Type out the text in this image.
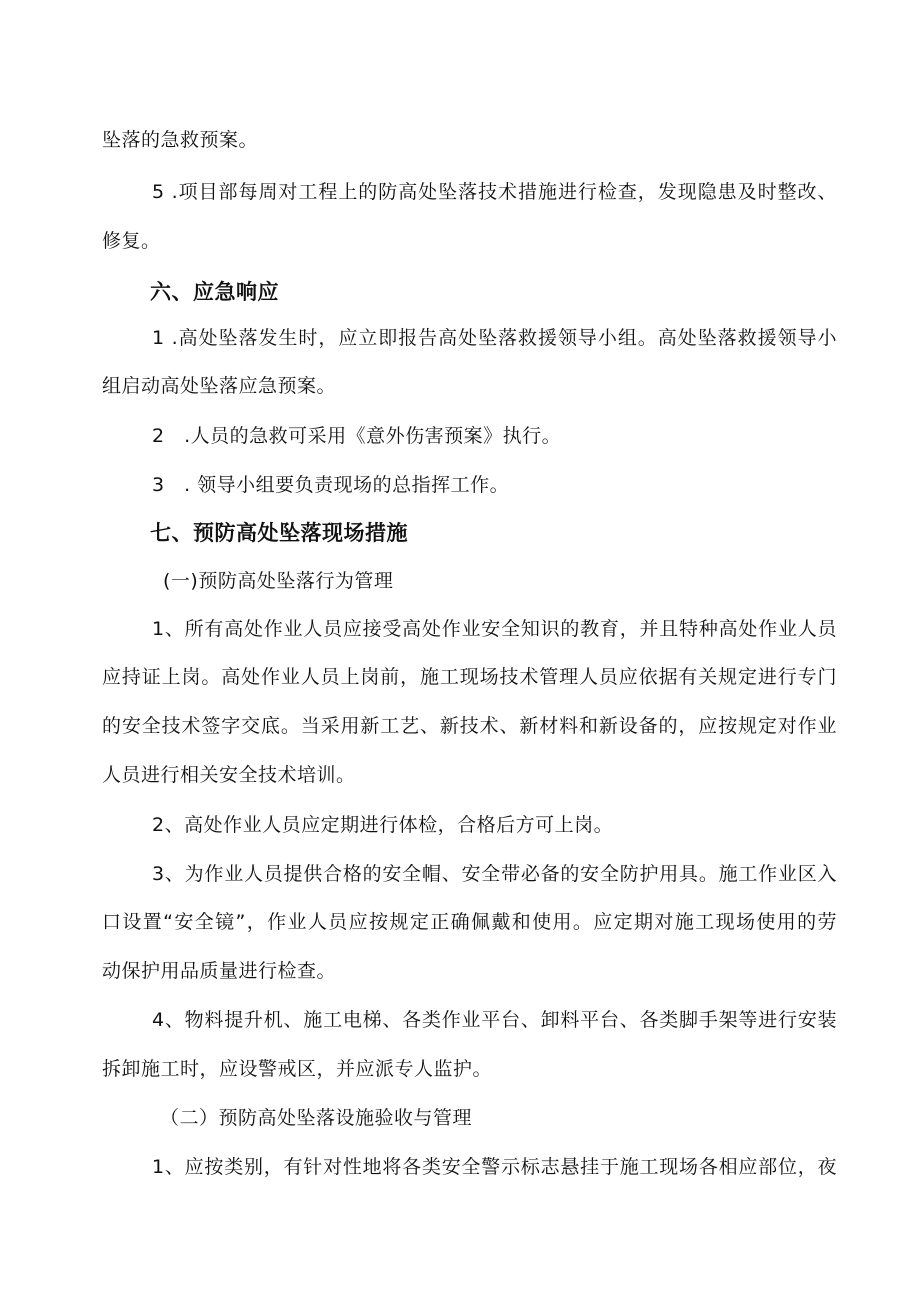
坠落的急救预案。
5 .项目部每周对工程上的防高处坠落技术措施进行检查，发现隐患及时整改、
修复。
六、应急响应
1 .高处坠落发生时，应立即报告高处坠落救援领导小组。高处坠落救援领导小
组启动高处坠落应急预案。
2　.人员的急救可采用《意外伤害预案》执行。
3　. 领导小组要负责现场的总指挥工作。
七、预防高处坠落现场措施
(一)预防高处坠落行为管理
1、所有高处作业人员应接受高处作业安全知识的教育，并且特种高处作业人员
应持证上岗。高处作业人员上岗前，施工现场技术管理人员应依据有关规定进行专门
的安全技术签字交底。当采用新工艺、新技术、新材料和新设备的，应按规定对作业
人员进行相关安全技术培训。
2、高处作业人员应定期进行体检，合格后方可上岗。
3、为作业人员提供合格的安全帽、安全带必备的安全防护用具。施工作业区入
口设置“安全镜”，作业人员应按规定正确佩戴和使用。应定期对施工现场使用的劳
动保护用品质量进行检查。
4、物料提升机、施工电梯、各类作业平台、卸料平台、各类脚手架等进行安装
拆卸施工时，应设警戒区，并应派专人监护。
（二）预防高处坠落设施验收与管理
1、应按类别，有针对性地将各类安全警示标志悬挂于施工现场各相应部位，夜
